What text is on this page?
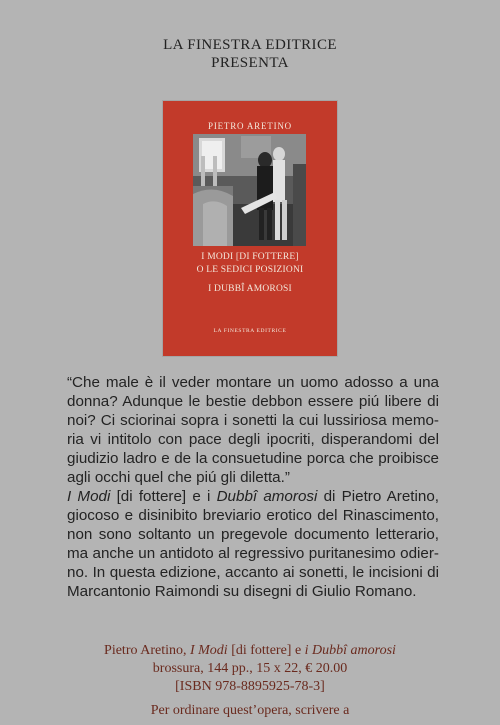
LA FINESTRA EDITRICE
PRESENTA
PIETRO ARETINO
I MODI [DI FOTTERE]
O LE SEDICI POSIZIONI
I DUBBÎ AMOROSI
LA FINESTRA EDITRICE
“Che male è il veder montare un uomo adosso a una
donna? Adunque le bestie debbon essere piú libere di
noi? Ci sciorinai sopra i sonetti la cui lussiriosa memo-
ria vi intitolo con pace degli ipocriti, disperandomi del
giudizio ladro e de la consuetudine porca che proibisce
agli occhi quel che piú gli diletta.”
I Modi [di fottere] e i Dubbî amorosi di Pietro Aretino,
giocoso e disinibito breviario erotico del Rinascimento,
non sono soltanto un pregevole documento letterario,
ma anche un antidoto al regressivo puritanesimo odier-
no. In questa edizione, accanto ai sonetti, le incisioni di
Marcantonio Raimondi su disegni di Giulio Romano.
Pietro Aretino, I Modi [di fottere] e i Dubbî amorosi
brossura, 144 pp., 15 x 22, € 20.00
[ISBN 978-8895925-78-3]
Per ordinare quest’opera, scrivere a
